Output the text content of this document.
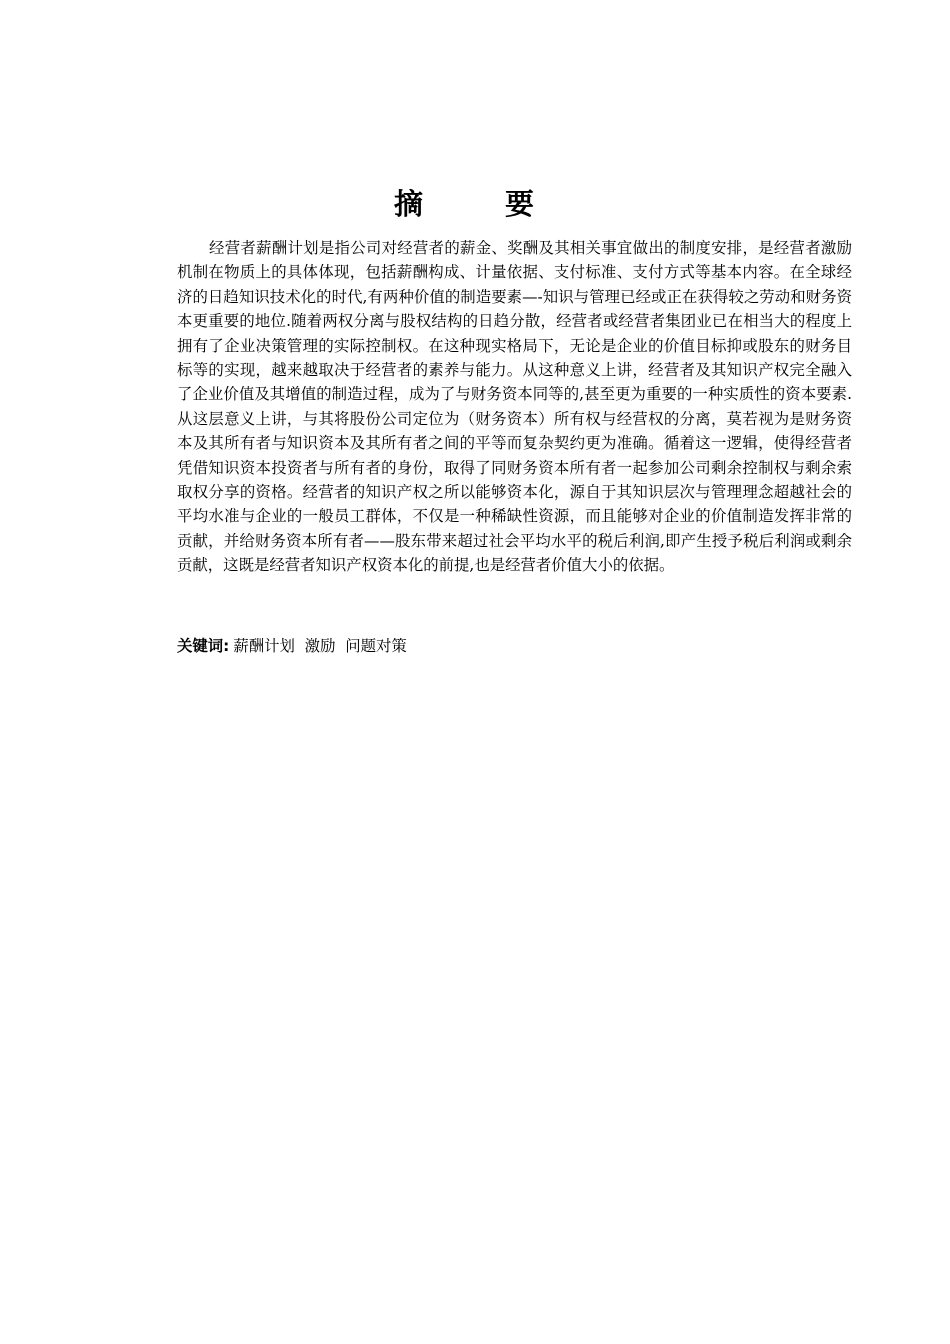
摘要

经营者薪酬计划是指公司对经营者的薪金、奖酬及其相关事宜做出的制度安排，是经营者激励机制在物质上的具体体现，包括薪酬构成、计量依据、支付标准、支付方式等基本内容。在全球经济的日趋知识技术化的时代,有两种价值的制造要素—-知识与管理已经或正在获得较之劳动和财务资本更重要的地位.随着两权分离与股权结构的日趋分散，经营者或经营者集团业已在相当大的程度上拥有了企业决策管理的实际控制权。在这种现实格局下，无论是企业的价值目标抑或股东的财务目标等的实现，越来越取决于经营者的素养与能力。从这种意义上讲，经营者及其知识产权完全融入了企业价值及其增值的制造过程，成为了与财务资本同等的,甚至更为重要的一种实质性的资本要素.从这层意义上讲，与其将股份公司定位为（财务资本）所有权与经营权的分离，莫若视为是财务资本及其所有者与知识资本及其所有者之间的平等而复杂契约更为准确。循着这一逻辑，使得经营者凭借知识资本投资者与所有者的身份，取得了同财务资本所有者一起参加公司剩余控制权与剩余索取权分享的资格。经营者的知识产权之所以能够资本化，源自于其知识层次与管理理念超越社会的平均水准与企业的一般员工群体，不仅是一种稀缺性资源，而且能够对企业的价值制造发挥非常的贡献，并给财务资本所有者——股东带来超过社会平均水平的税后利润,即产生授予税后利润或剩余贡献，这既是经营者知识产权资本化的前提,也是经营者价值大小的依据。

关键词: 薪酬计划  激励  问题对策
